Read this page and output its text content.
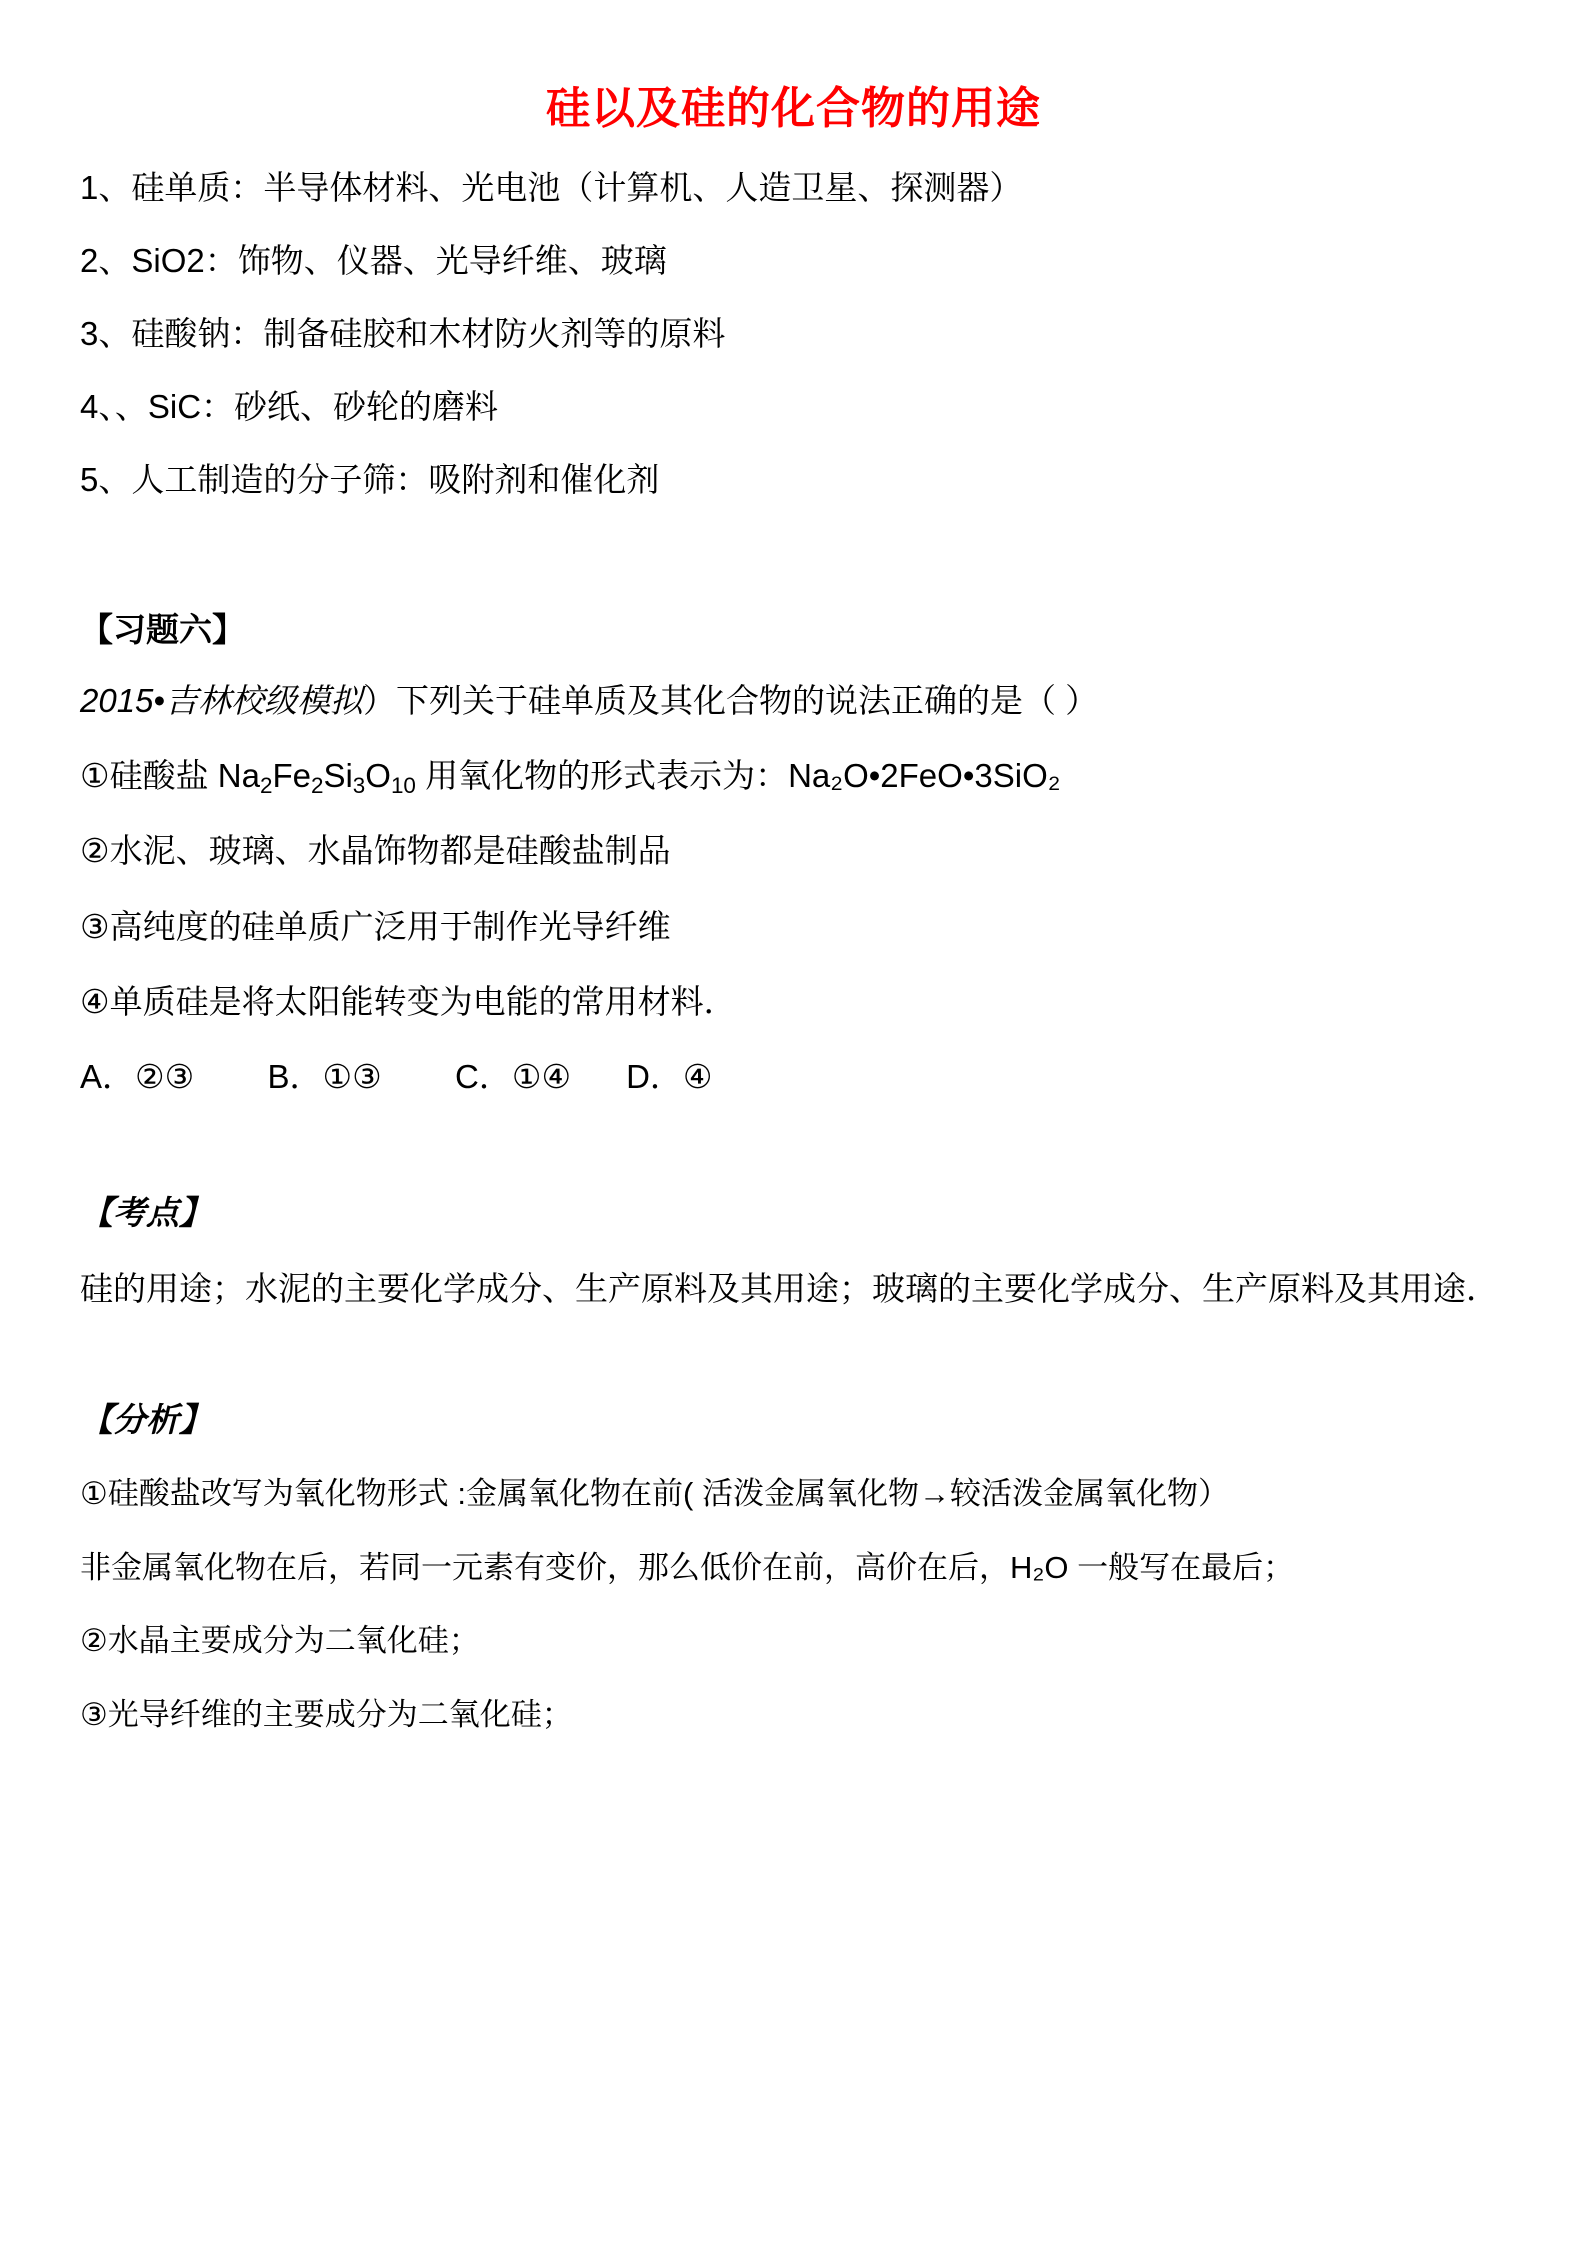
硅以及硅的化合物的用途
1、硅单质：半导体材料、光电池（计算机、人造卫星、探测器）
2、SiO2：饰物、仪器、光导纤维、玻璃
3、硅酸钠：制备硅胶和木材防火剂等的原料
4、、SiC：砂纸、砂轮的磨料
5、人工制造的分子筛：吸附剂和催化剂
【习题六】
2015•吉林校级模拟）下列关于硅单质及其化合物的说法正确的是（ ）
①硅酸盐 $Na_2Fe_2Si_3O_{10}$ 用氧化物的形式表示为：Na₂O•2FeO•3SiO₂
②水泥、玻璃、水晶饰物都是硅酸盐制品
③高纯度的硅单质广泛用于制作光导纤维
④单质硅是将太阳能转变为电能的常用材料．
A．②③        B．①③        C．①④      D．④
【考点】
硅的用途；水泥的主要化学成分、生产原料及其用途；玻璃的主要化学成分、生产原料及其用途．
【分析】
①硅酸盐改写为氧化物形式 :金属氧化物在前( 活泼金属氧化物→较活泼金属氧化物）
非金属氧化物在后，若同一元素有变价，那么低价在前，高价在后，H₂O 一般写在最后；
②水晶主要成分为二氧化硅；
③光导纤维的主要成分为二氧化硅；
